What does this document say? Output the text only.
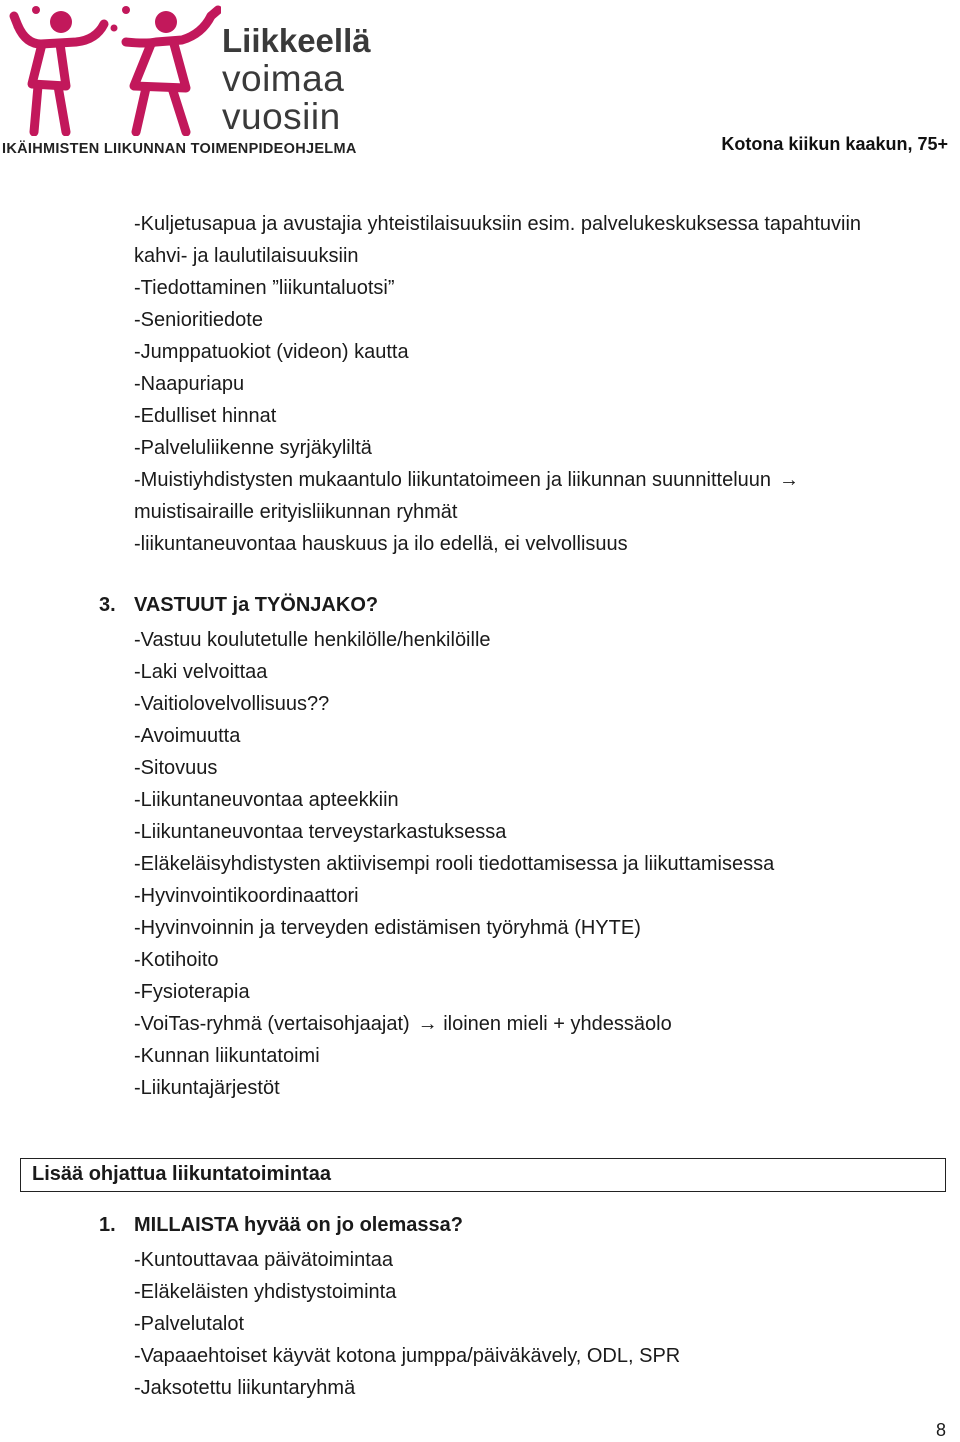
Liikkeellä
voimaa
vuosiin
IKÄIHMISTEN LIIKUNNAN TOIMENPIDEOHJELMA	Kotona kiikun kaakun, 75+
-Kuljetusapua ja avustajia yhteistilaisuuksiin esim. palvelukeskuksessa tapahtuviin
kahvi- ja laulutilaisuuksiin
-Tiedottaminen ”liikuntaluotsi”
-Senioritiedote
-Jumppatuokiot (videon) kautta
-Naapuriapu
-Edulliset hinnat
-Palveluliikenne syrjäkyliltä
-Muistiyhdistysten mukaantulo liikuntatoimeen ja liikunnan suunnitteluun →
muistisairaille erityisliikunnan ryhmät
-liikuntaneuvontaa hauskuus ja ilo edellä, ei velvollisuus
3. VASTUUT ja TYÖNJAKO?
-Vastuu koulutetulle henkilölle/henkilöille
-Laki velvoittaa
-Vaitiolovelvollisuus??
-Avoimuutta
-Sitovuus
-Liikuntaneuvontaa apteekkiin
-Liikuntaneuvontaa terveystarkastuksessa
-Eläkeläisyhdistysten aktiivisempi rooli tiedottamisessa ja liikuttamisessa
-Hyvinvointikoordinaattori
-Hyvinvoinnin ja terveyden edistämisen työryhmä (HYTE)
-Kotihoito
-Fysioterapia
-VoiTas-ryhmä (vertaisohjaajat) → iloinen mieli + yhdessäolo
-Kunnan liikuntatoimi
-Liikuntajärjestöt
Lisää ohjattua liikuntatoimintaa
1. MILLAISTA hyvää on jo olemassa?
-Kuntouttavaa päivätoimintaa
-Eläkeläisten yhdistystoiminta
-Palvelutalot
-Vapaaehtoiset käyvät kotona jumppa/päiväkävely, ODL, SPR
-Jaksotettu liikuntaryhmä
8
